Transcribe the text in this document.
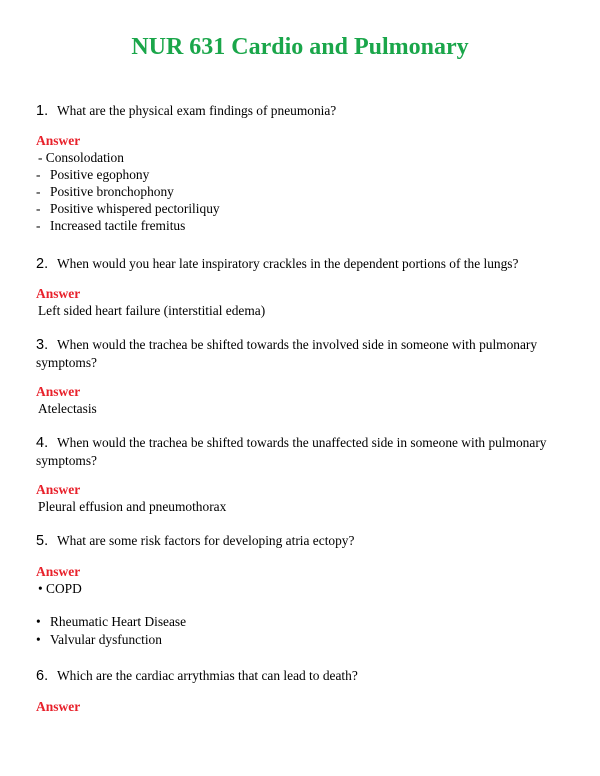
NUR 631 Cardio and Pulmonary
1. What are the physical exam findings of pneumonia?
Answer
- Consolodation
- Positive egophony
- Positive bronchophony
- Positive whispered pectoriliquy
- Increased tactile fremitus
2. When would you hear late inspiratory crackles in the dependent portions of the lungs?
Answer
Left sided heart failure (interstitial edema)
3. When would the trachea be shifted towards the involved side in someone with pulmonary symptoms?
Answer
Atelectasis
4. When would the trachea be shifted towards the unaffected side in someone with pulmonary symptoms?
Answer
Pleural effusion and pneumothorax
5. What are some risk factors for developing atria ectopy?
Answer
• COPD
• Rheumatic Heart Disease
• Valvular dysfunction
6. Which are the cardiac arrythmias that can lead to death?
Answer
